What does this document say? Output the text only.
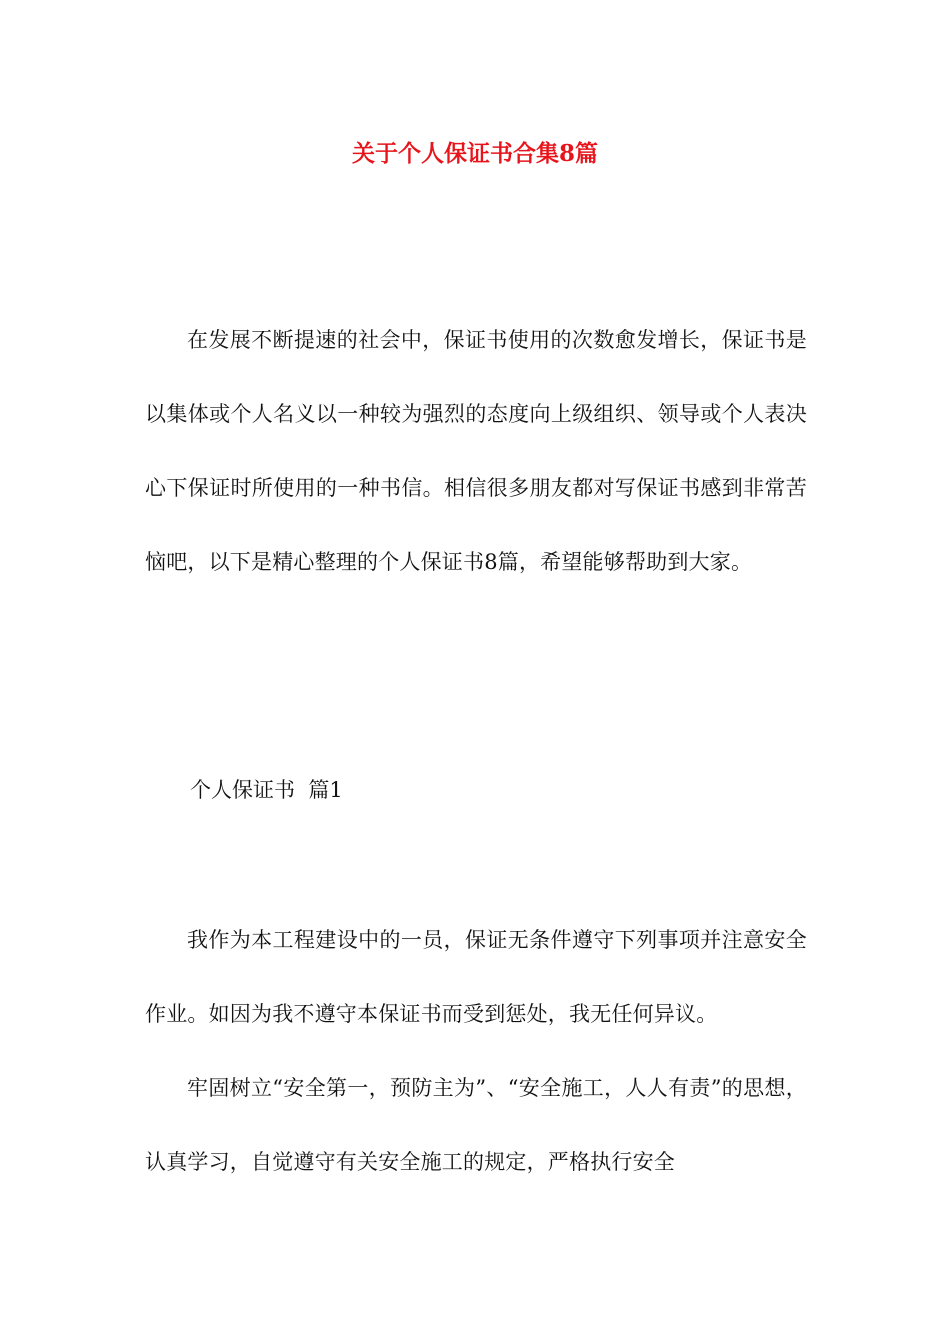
关于个人保证书合集8篇

在发展不断提速的社会中，保证书使用的次数愈发增长，保证书是以集体或个人名义以一种较为强烈的态度向上级组织、领导或个人表决心下保证时所使用的一种书信。相信很多朋友都对写保证书感到非常苦恼吧，以下是精心整理的个人保证书8篇，希望能够帮助到大家。

个人保证书  篇1

我作为本工程建设中的一员，保证无条件遵守下列事项并注意安全作业。如因为我不遵守本保证书而受到惩处，我无任何异议。

牢固树立“安全第一，预防主为”、“安全施工，人人有责”的思想，认真学习，自觉遵守有关安全施工的规定，严格执行安全
